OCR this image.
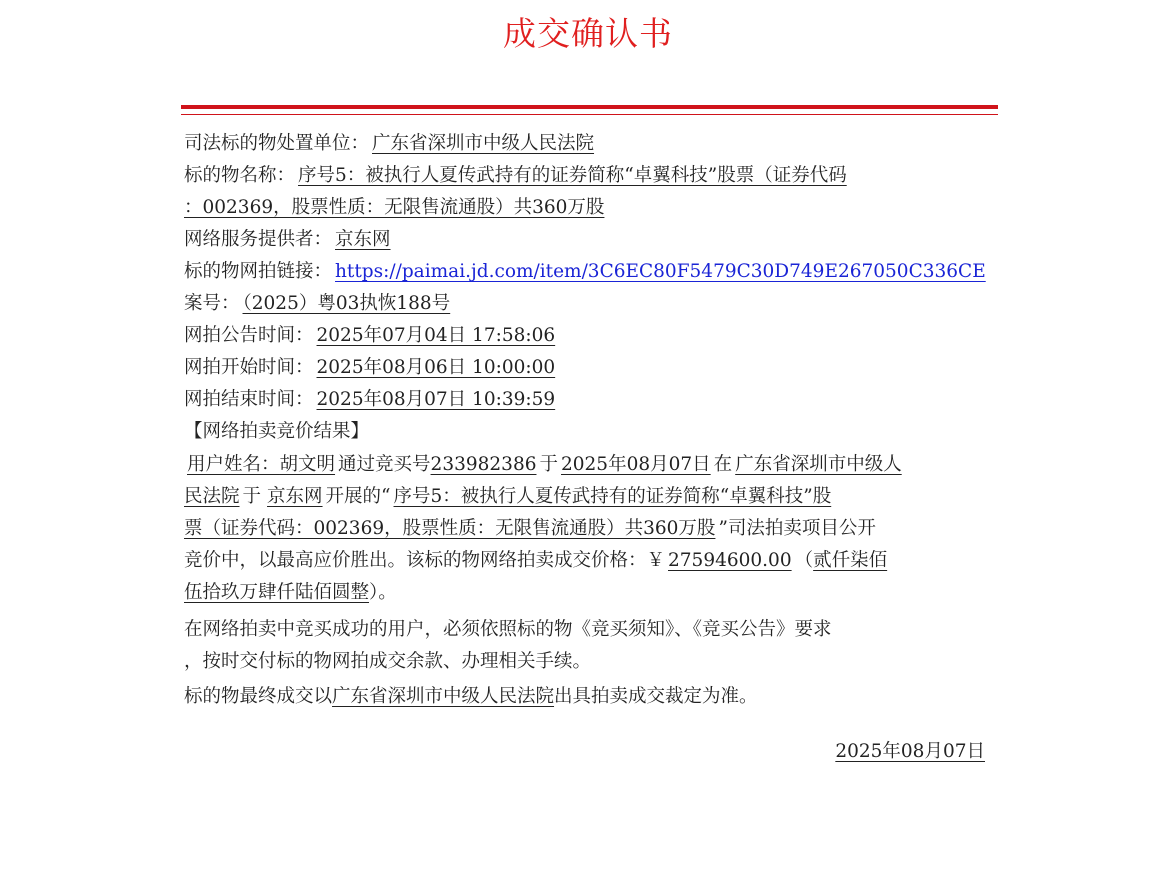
成交确认书
司法标的物处置单位： 广东省深圳市中级人民法院
标的物名称： 序号5：被执行人夏传武持有的证券简称“卓翼科技”股票（证券代码
：002369，股票性质：无限售流通股）共360万股
网络服务提供者： 京东网
标的物网拍链接： https://paimai.jd.com/item/3C6EC80F5479C30D749E267050C336CE
案号： （2025）粤03执恢188号
网拍公告时间： 2025年07月04日 17:58:06
网拍开始时间： 2025年08月06日 10:00:00
网拍结束时间： 2025年08月07日 10:39:59
【网络拍卖竞价结果】
用户姓名：胡文明 通过竞买号233982386 于 2025年08月07日 在 广东省深圳市中级人
民法院 于 京东网 开展的“ 序号5：被执行人夏传武持有的证券简称“卓翼科技”股
票（证券代码：002369，股票性质：无限售流通股）共360万股 ”司法拍卖项目公开
竞价中，以最高应价胜出。该标的物网络拍卖成交价格：￥ 27594600.00 （贰仟柒佰
伍拾玖万肆仟陆佰圆整）。
在网络拍卖中竞买成功的用户，必须依照标的物《竞买须知》、《竞买公告》要求
，按时交付标的物网拍成交余款、办理相关手续。
标的物最终成交以广东省深圳市中级人民法院出具拍卖成交裁定为准。
2025年08月07日
